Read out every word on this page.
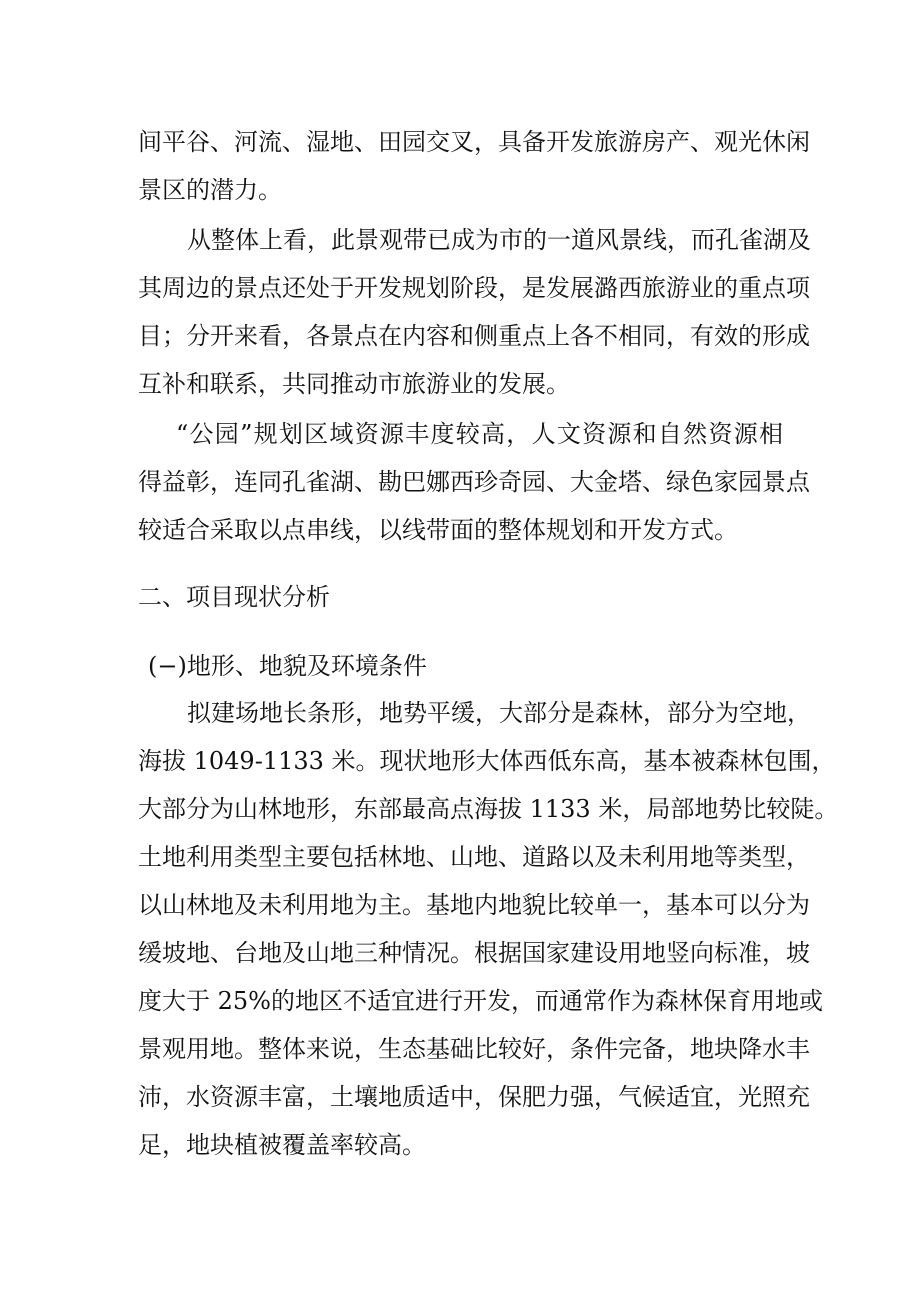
间平谷、河流、湿地、田园交叉，具备开发旅游房产、观光休闲
景区的潜力。
从整体上看，此景观带已成为市的一道风景线，而孔雀湖及
其周边的景点还处于开发规划阶段，是发展潞西旅游业的重点项
目；分开来看，各景点在内容和侧重点上各不相同，有效的形成
互补和联系，共同推动市旅游业的发展。
“公园”规划区域资源丰度较高，人文资源和自然资源相
得益彰，连同孔雀湖、勘巴娜西珍奇园、大金塔、绿色家园景点
较适合采取以点串线，以线带面的整体规划和开发方式。
二、项目现状分析
(−)地形、地貌及环境条件
拟建场地长条形，地势平缓，大部分是森林，部分为空地，
海拔 1049-1133 米。现状地形大体西低东高，基本被森林包围，
大部分为山林地形，东部最高点海拔 1133 米，局部地势比较陡。
土地利用类型主要包括林地、山地、道路以及未利用地等类型，
以山林地及未利用地为主。基地内地貌比较单一，基本可以分为
缓坡地、台地及山地三种情况。根据国家建设用地竖向标准，坡
度大于 25%的地区不适宜进行开发，而通常作为森林保育用地或
景观用地。整体来说，生态基础比较好，条件完备，地块降水丰
沛，水资源丰富，土壤地质适中，保肥力强，气候适宜，光照充
足，地块植被覆盖率较高。
